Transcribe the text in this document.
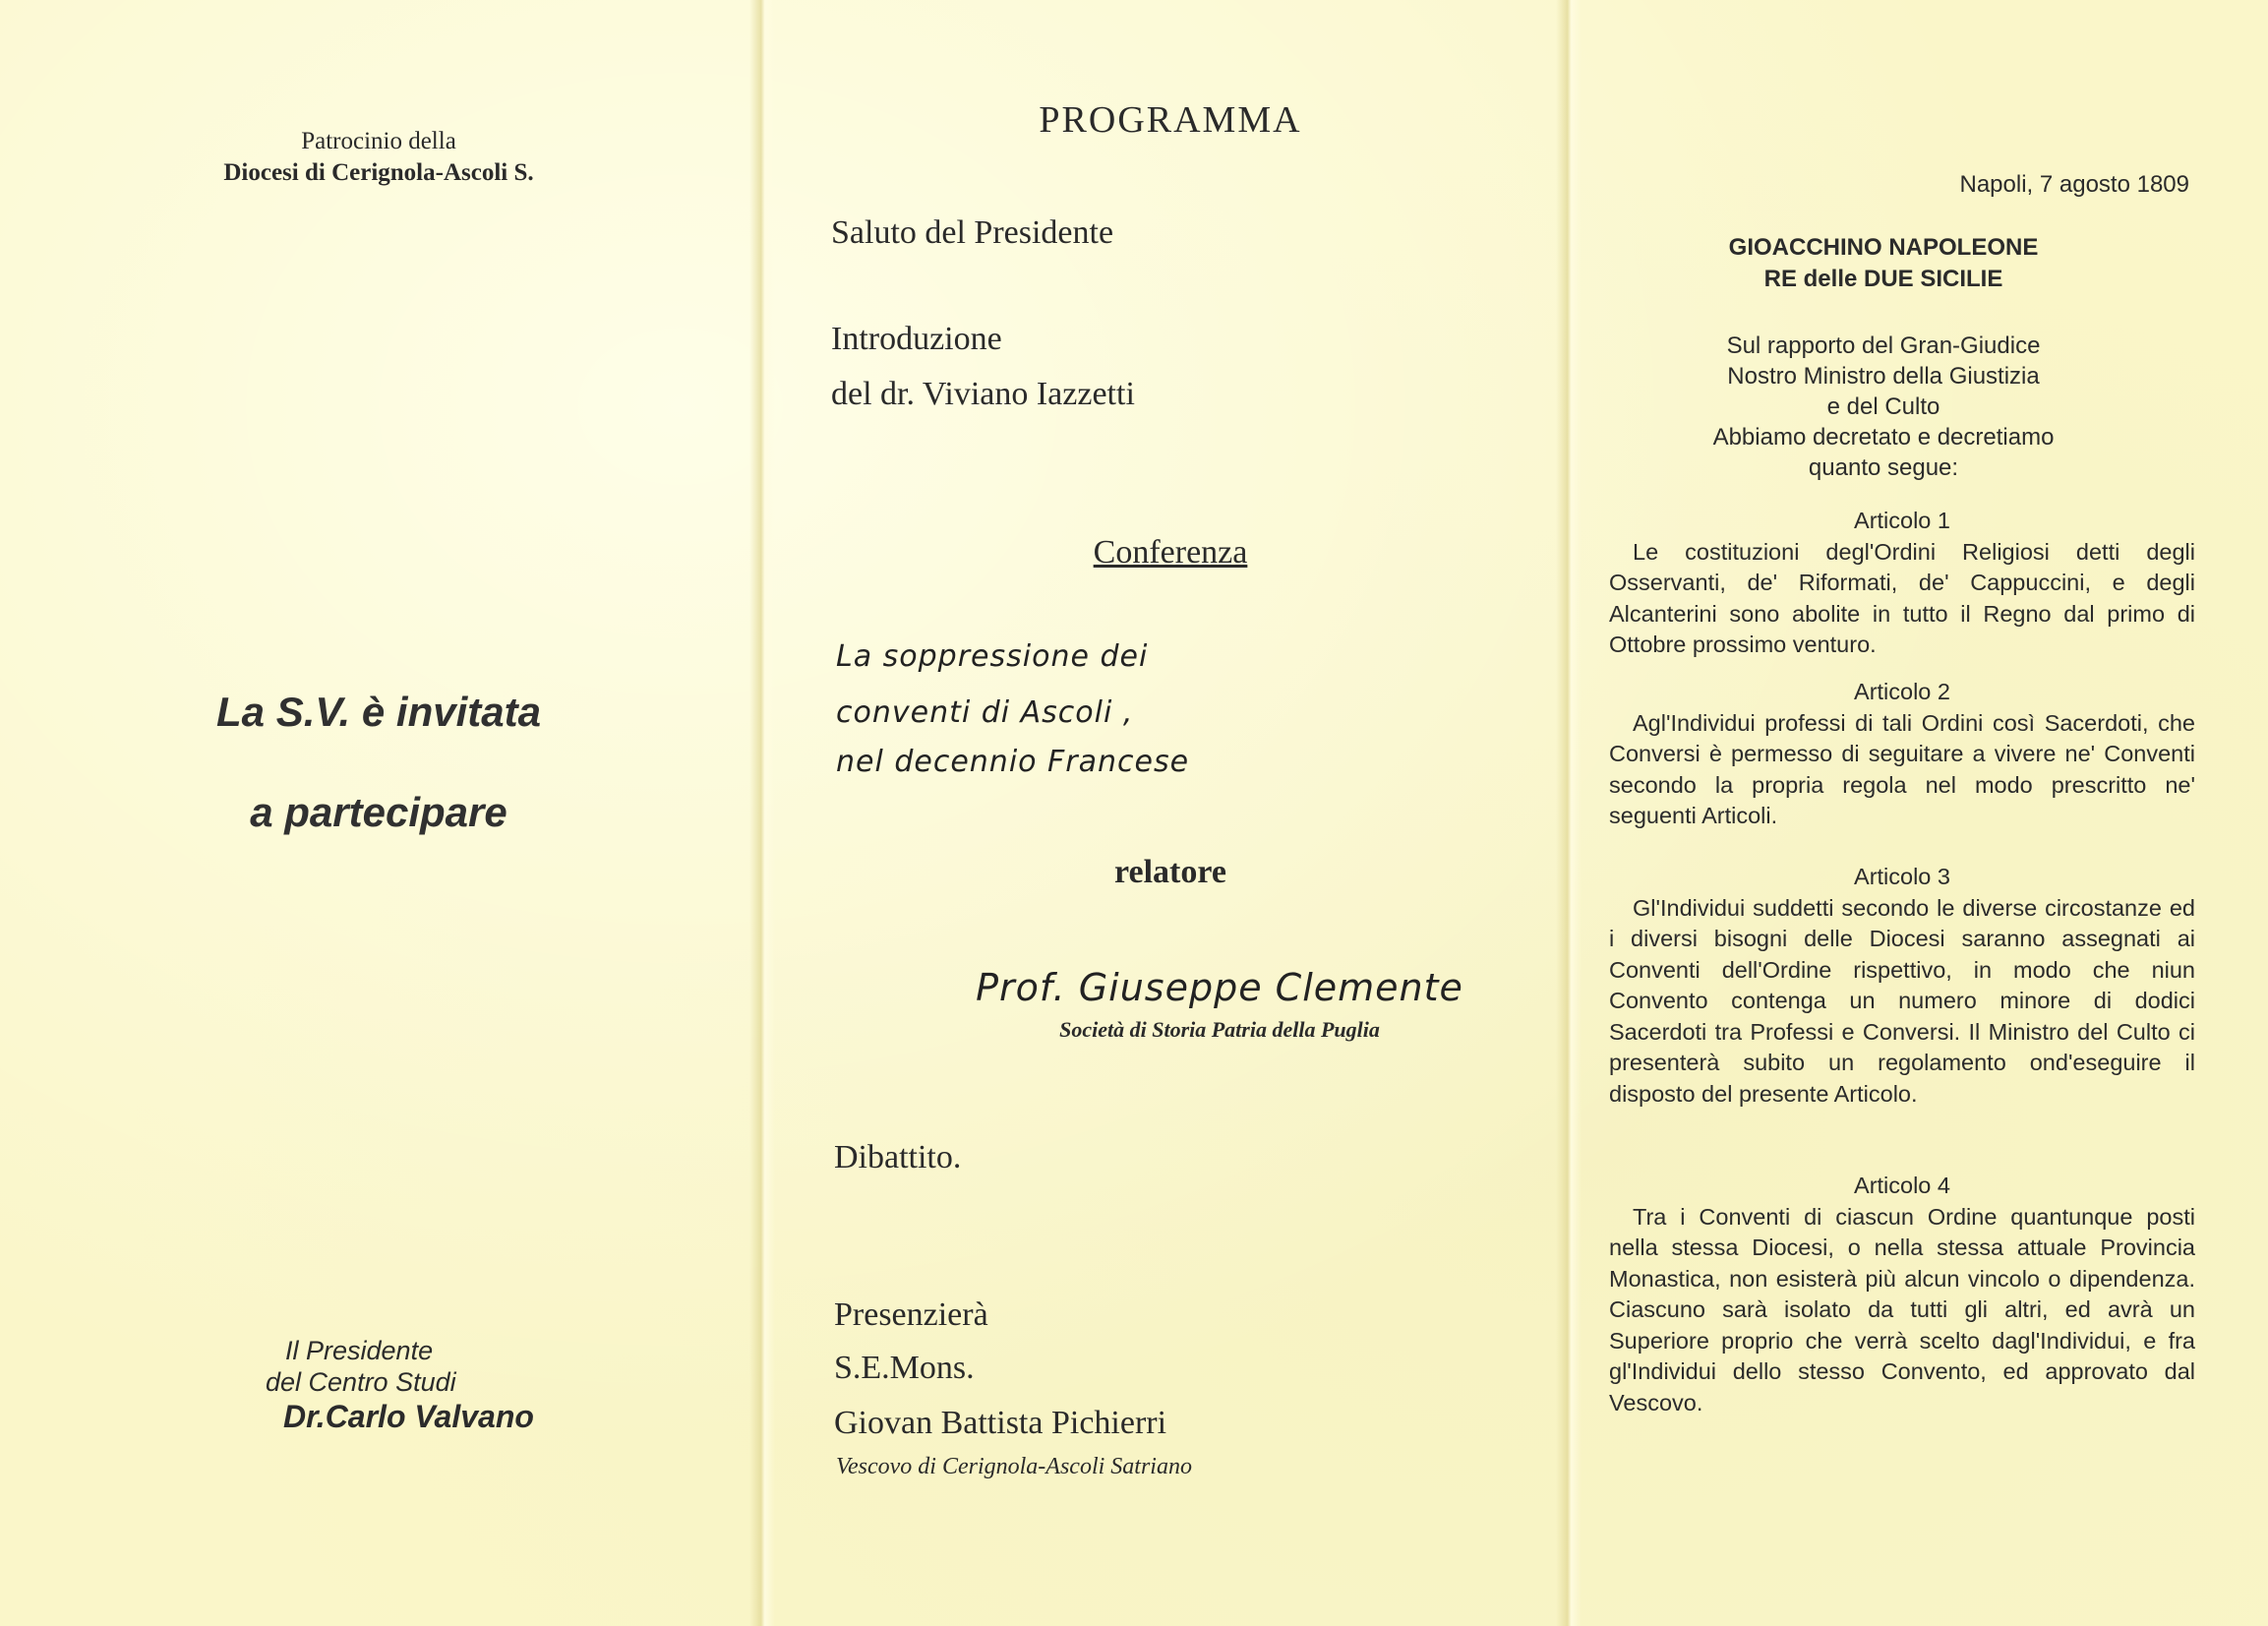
Patrocinio della
Diocesi di Cerignola-Ascoli S.
La S.V. è invitata
a partecipare
Il Presidente
del Centro Studi
Dr.Carlo Valvano
PROGRAMMA
Saluto del Presidente
Introduzione
del dr. Viviano Iazzetti
Conferenza
La soppressione dei
conventi di Ascoli ,
nel decennio Francese
relatore
Prof. Giuseppe Clemente
Società di Storia Patria della Puglia
Dibattito.
Presenzierà
S.E.Mons.
Giovan Battista Pichierri
Vescovo di Cerignola-Ascoli Satriano
Napoli, 7 agosto 1809
GIOACCHINO NAPOLEONE
RE delle DUE SICILIE
Sul rapporto del Gran-Giudice
Nostro Ministro della Giustizia
e del Culto
Abbiamo decretato e decretiamo
quanto segue:
Articolo 1
Le costituzioni degl'Ordini Religiosi detti degli Osservanti, de' Riformati, de' Cappuccini, e degli Alcanterini sono abolite in tutto il Regno dal primo di Ottobre prossimo venturo.
Articolo 2
Agl'Individui professi di tali Ordini così Sacerdoti, che Conversi è permesso di seguitare a vivere ne' Conventi secondo la propria regola nel modo prescritto ne' seguenti Articoli.
Articolo 3
Gl'Individui suddetti secondo le diverse circostanze ed i diversi bisogni delle Diocesi saranno assegnati ai Conventi dell'Ordine rispettivo, in modo che niun Convento contenga un numero minore di dodici Sacerdoti tra Professi e Conversi. Il Ministro del Culto ci presenterà subito un regolamento ond'eseguire il disposto del presente Articolo.
Articolo 4
Tra i Conventi di ciascun Ordine quantunque posti nella stessa Diocesi, o nella stessa attuale Provincia Monastica, non esisterà più alcun vincolo o dipendenza. Ciascuno sarà isolato da tutti gli altri, ed avrà un Superiore proprio che verrà scelto dagl'Individui, e fra gl'Individui dello stesso Convento, ed approvato dal Vescovo.
